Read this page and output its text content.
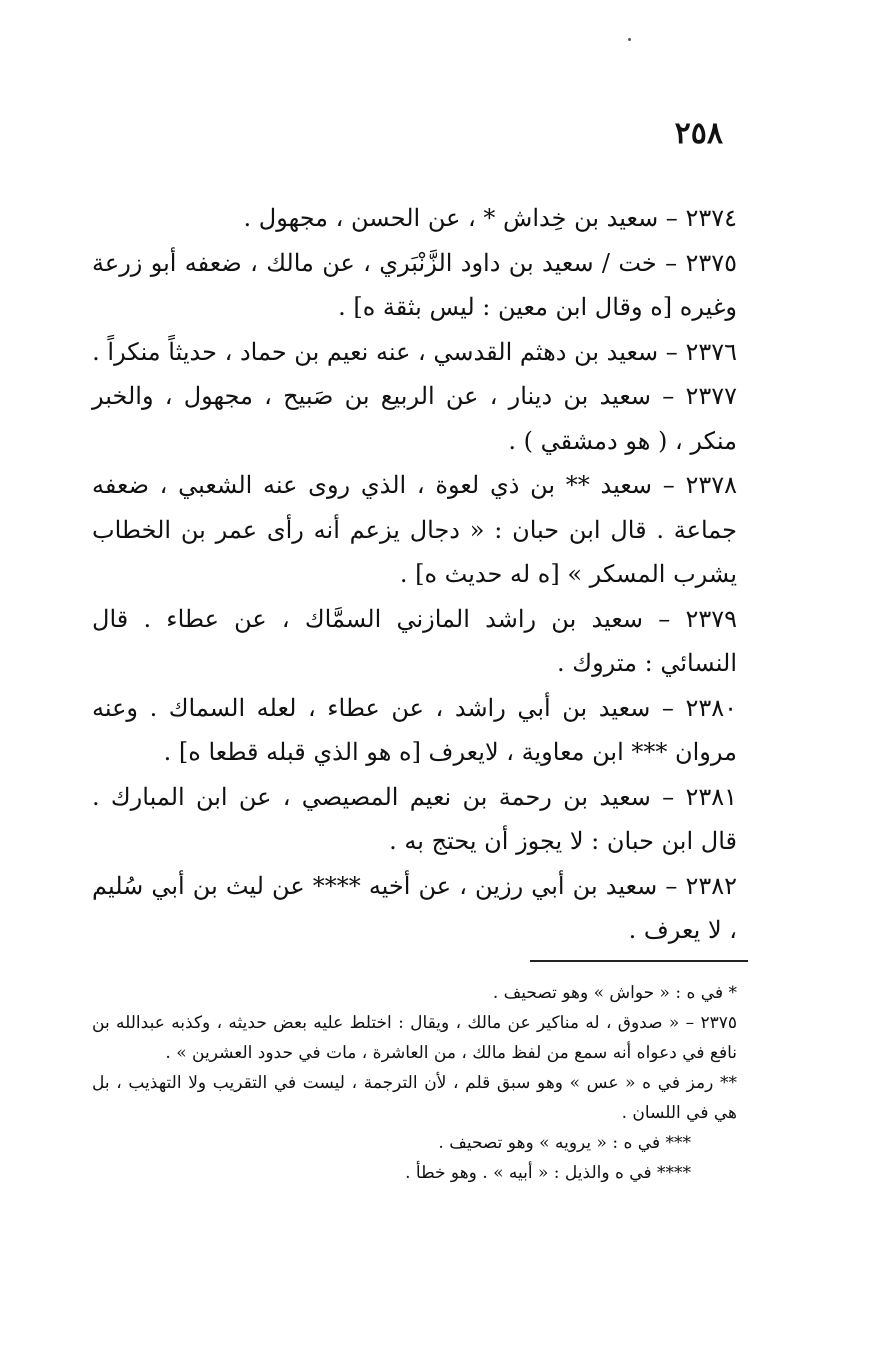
٢٥٨

٢٣٧٤ – سعيد بن خِداش * ، عن الحسن ، مجهول .

٢٣٧٥ – خت / سعيد بن داود الزَّنْبَري ، عن مالك ، ضعفه أبو زرعة وغيره [ه وقال ابن معين : ليس بثقة ه] .

٢٣٧٦ – سعيد بن دهثم القدسي ، عنه نعيم بن حماد ، حديثاً منكراً .

٢٣٧٧ – سعيد بن دينار ، عن الربيع بن صَبيح ، مجهول ، والخبر منكر ، ( هو دمشقي ) .

٢٣٧٨ – سعيد ** بن ذي لعوة ، الذي روى عنه الشعبي ، ضعفه جماعة . قال ابن حبان : « دجال يزعم أنه رأى عمر بن الخطاب يشرب المسكر » [ه له حديث ه] .

٢٣٧٩ – سعيد بن راشد المازني السمَّاك ، عن عطاء . قال النسائي : متروك .

٢٣٨٠ – سعيد بن أبي راشد ، عن عطاء ، لعله السماك . وعنه مروان *** ابن معاوية ، لايعرف [ه هو الذي قبله قطعا ه] .

٢٣٨١ – سعيد بن رحمة بن نعيم المصيصي ، عن ابن المبارك . قال ابن حبان : لا يجوز أن يحتج به .

٢٣٨٢ – سعيد بن أبي رزين ، عن أخيه **** عن ليث بن أبي سُليم ، لا يعرف .

* في ه : « حواش » وهو تصحيف .

٢٣٧٥ – « صدوق ، له مناكير عن مالك ، ويقال : اختلط عليه بعض حديثه ، وكذبه عبدالله بن نافع في دعواه أنه سمع من لفظ مالك ، من العاشرة ، مات في حدود العشرين » .

** رمز في ه « عس » وهو سبق قلم ، لأن الترجمة ، ليست في التقريب ولا التهذيب ، بل هي في اللسان .

*** في ه : « يرويه » وهو تصحيف .

**** في ه والذيل : « أبيه » . وهو خطأ .
